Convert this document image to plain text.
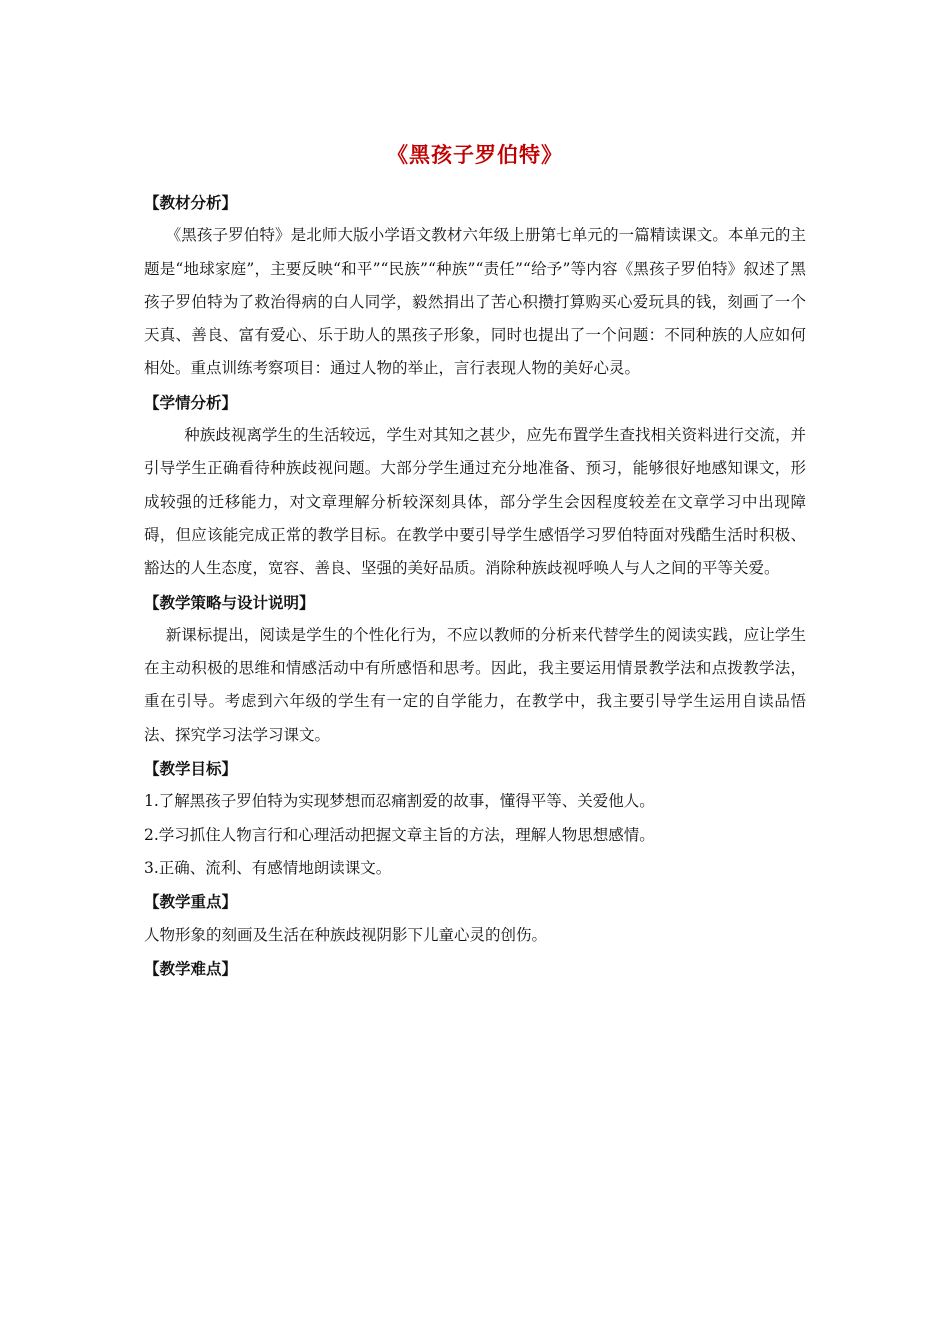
《黑孩子罗伯特》
【教材分析】
《黑孩子罗伯特》是北师大版小学语文教材六年级上册第七单元的一篇精读课文。本单元的主题是“地球家庭”，主要反映“和平”“民族”“种族”“责任”“给予”等内容《黑孩子罗伯特》叙述了黑孩子罗伯特为了救治得病的白人同学，毅然捐出了苦心积攒打算购买心爱玩具的钱，刻画了一个天真、善良、富有爱心、乐于助人的黑孩子形象，同时也提出了一个问题：不同种族的人应如何相处。重点训练考察项目：通过人物的举止，言行表现人物的美好心灵。
【学情分析】
种族歧视离学生的生活较远，学生对其知之甚少，应先布置学生查找相关资料进行交流，并引导学生正确看待种族歧视问题。大部分学生通过充分地准备、预习，能够很好地感知课文，形成较强的迁移能力，对文章理解分析较深刻具体，部分学生会因程度较差在文章学习中出现障碍，但应该能完成正常的教学目标。在教学中要引导学生感悟学习罗伯特面对残酷生活时积极、豁达的人生态度，宽容、善良、坚强的美好品质。消除种族歧视呼唤人与人之间的平等关爱。
【教学策略与设计说明】
新课标提出，阅读是学生的个性化行为，不应以教师的分析来代替学生的阅读实践，应让学生在主动积极的思维和情感活动中有所感悟和思考。因此，我主要运用情景教学法和点拨教学法，重在引导。考虑到六年级的学生有一定的自学能力，在教学中，我主要引导学生运用自读品悟法、探究学习法学习课文。
【教学目标】
1.了解黑孩子罗伯特为实现梦想而忍痛割爱的故事，懂得平等、关爱他人。
2.学习抓住人物言行和心理活动把握文章主旨的方法，理解人物思想感情。
3.正确、流利、有感情地朗读课文。
【教学重点】
人物形象的刻画及生活在种族歧视阴影下儿童心灵的创伤。
【教学难点】
